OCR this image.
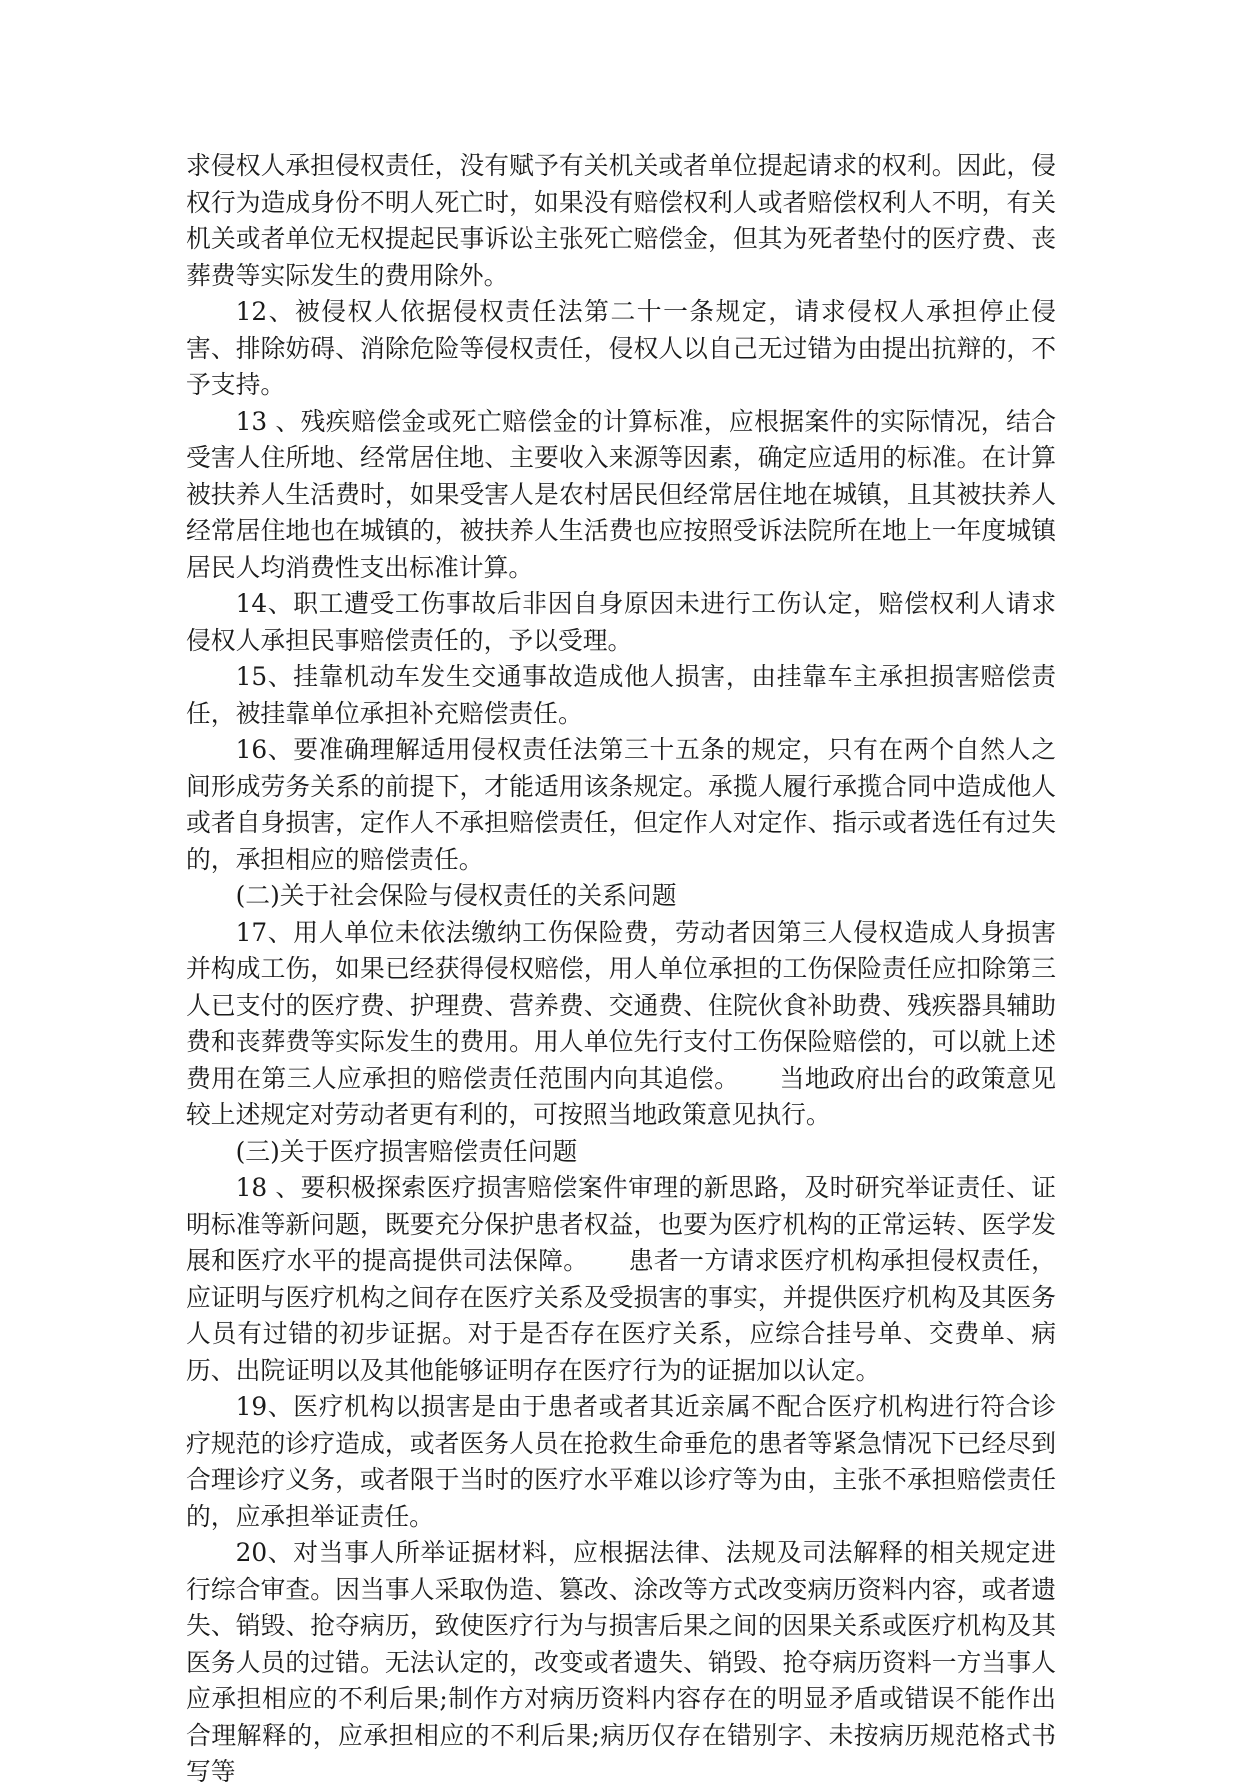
求侵权人承担侵权责任，没有赋予有关机关或者单位提起请求的权利。因此，侵权行为造成身份不明人死亡时，如果没有赔偿权利人或者赔偿权利人不明，有关机关或者单位无权提起民事诉讼主张死亡赔偿金，但其为死者垫付的医疗费、丧葬费等实际发生的费用除外。

12、被侵权人依据侵权责任法第二十一条规定，请求侵权人承担停止侵害、排除妨碍、消除危险等侵权责任，侵权人以自己无过错为由提出抗辩的，不予支持。

13 、残疾赔偿金或死亡赔偿金的计算标准，应根据案件的实际情况，结合受害人住所地、经常居住地、主要收入来源等因素，确定应适用的标准。在计算被扶养人生活费时，如果受害人是农村居民但经常居住地在城镇，且其被扶养人经常居住地也在城镇的，被扶养人生活费也应按照受诉法院所在地上一年度城镇居民人均消费性支出标准计算。

14、职工遭受工伤事故后非因自身原因未进行工伤认定，赔偿权利人请求侵权人承担民事赔偿责任的，予以受理。

15、挂靠机动车发生交通事故造成他人损害，由挂靠车主承担损害赔偿责任，被挂靠单位承担补充赔偿责任。

16、要准确理解适用侵权责任法第三十五条的规定，只有在两个自然人之间形成劳务关系的前提下，才能适用该条规定。承揽人履行承揽合同中造成他人或者自身损害，定作人不承担赔偿责任，但定作人对定作、指示或者选任有过失的，承担相应的赔偿责任。

(二)关于社会保险与侵权责任的关系问题

17、用人单位未依法缴纳工伤保险费，劳动者因第三人侵权造成人身损害并构成工伤，如果已经获得侵权赔偿，用人单位承担的工伤保险责任应扣除第三人已支付的医疗费、护理费、营养费、交通费、住院伙食补助费、残疾器具辅助费和丧葬费等实际发生的费用。用人单位先行支付工伤保险赔偿的，可以就上述费用在第三人应承担的赔偿责任范围内向其追偿。 当地政府出台的政策意见较上述规定对劳动者更有利的，可按照当地政策意见执行。

(三)关于医疗损害赔偿责任问题

18 、要积极探索医疗损害赔偿案件审理的新思路，及时研究举证责任、证明标准等新问题，既要充分保护患者权益，也要为医疗机构的正常运转、医学发展和医疗水平的提高提供司法保障。 患者一方请求医疗机构承担侵权责任，应证明与医疗机构之间存在医疗关系及受损害的事实，并提供医疗机构及其医务人员有过错的初步证据。对于是否存在医疗关系，应综合挂号单、交费单、病历、出院证明以及其他能够证明存在医疗行为的证据加以认定。

19、医疗机构以损害是由于患者或者其近亲属不配合医疗机构进行符合诊疗规范的诊疗造成，或者医务人员在抢救生命垂危的患者等紧急情况下已经尽到合理诊疗义务，或者限于当时的医疗水平难以诊疗等为由，主张不承担赔偿责任的，应承担举证责任。

20、对当事人所举证据材料，应根据法律、法规及司法解释的相关规定进行综合审查。因当事人采取伪造、篡改、涂改等方式改变病历资料内容，或者遗失、销毁、抢夺病历，致使医疗行为与损害后果之间的因果关系或医疗机构及其医务人员的过错。无法认定的，改变或者遗失、销毁、抢夺病历资料一方当事人应承担相应的不利后果;制作方对病历资料内容存在的明显矛盾或错误不能作出合理解释的，应承担相应的不利后果;病历仅存在错别字、未按病历规范格式书写等
